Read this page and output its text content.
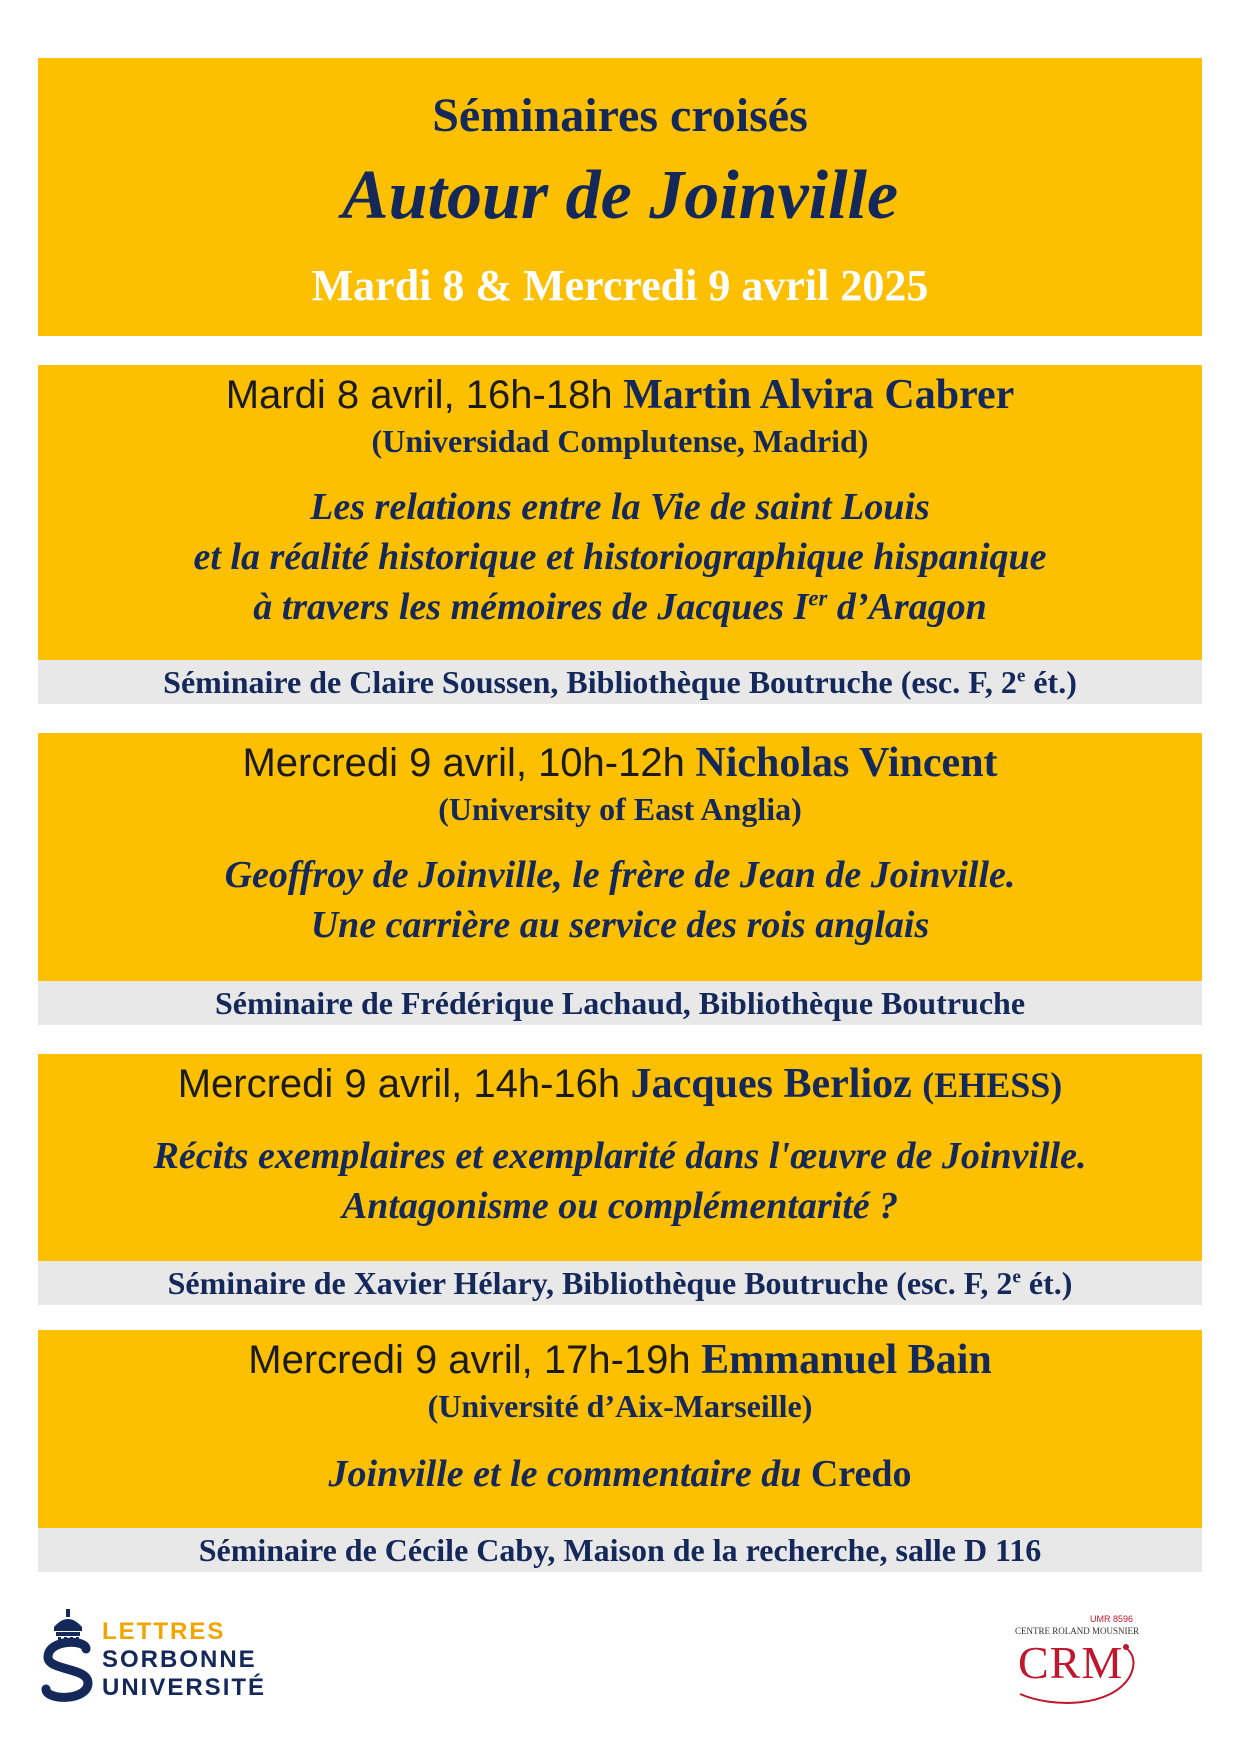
Séminaires croisés
Autour de Joinville
Mardi 8 & Mercredi 9 avril 2025
Mardi 8 avril, 16h-18h Martin Alvira Cabrer
(Universidad Complutense, Madrid)
Les relations entre la Vie de saint Louis
et la réalité historique et historiographique hispanique
à travers les mémoires de Jacques Ier d’Aragon
Séminaire de Claire Soussen, Bibliothèque Boutruche (esc. F, 2e ét.)
Mercredi 9 avril, 10h-12h Nicholas Vincent
(University of East Anglia)
Geoffroy de Joinville, le frère de Jean de Joinville.
Une carrière au service des rois anglais
Séminaire de Frédérique Lachaud, Bibliothèque Boutruche
Mercredi 9 avril, 14h-16h Jacques Berlioz (EHESS)
Récits exemplaires et exemplarité dans l'œuvre de Joinville.
Antagonisme ou complémentarité ?
Séminaire de Xavier Hélary, Bibliothèque Boutruche (esc. F, 2e ét.)
Mercredi 9 avril, 17h-19h Emmanuel Bain
(Université d’Aix-Marseille)
Joinville et le commentaire du Credo
Séminaire de Cécile Caby, Maison de la recherche, salle D 116
LETTRES
SORBONNE
UNIVERSITÉ
UMR 8596
CENTRE ROLAND MOUSNIER
CRM
